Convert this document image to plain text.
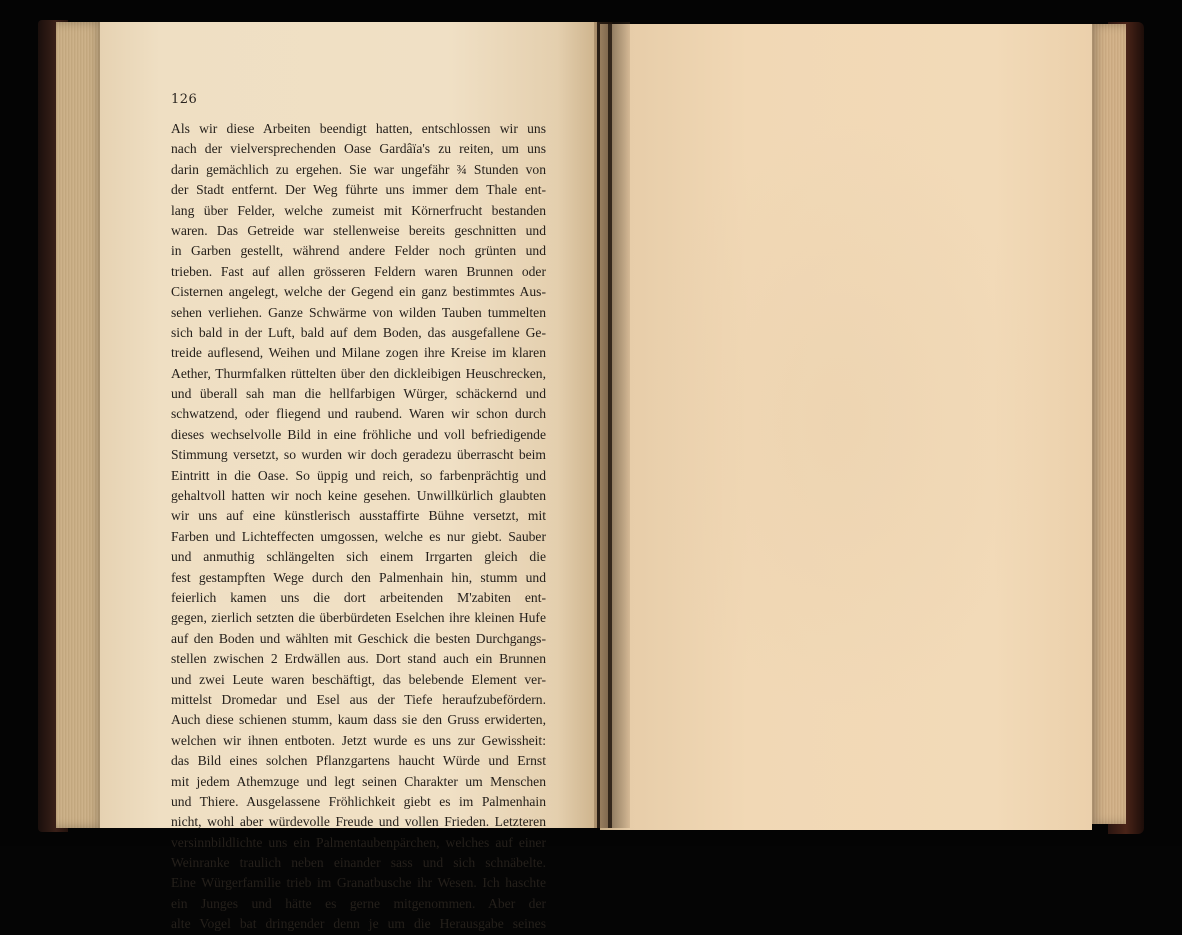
126
Als wir diese Arbeiten beendigt hatten, entschlossen wir uns
nach der vielversprechenden Oase Gardâïa's zu reiten, um uns
darin gemächlich zu ergehen. Sie war ungefähr ¾ Stunden von
der Stadt entfernt. Der Weg führte uns immer dem Thale ent-
lang über Felder, welche zumeist mit Körnerfrucht bestanden
waren. Das Getreide war stellenweise bereits geschnitten und
in Garben gestellt, während andere Felder noch grünten und
trieben. Fast auf allen grösseren Feldern waren Brunnen oder
Cisternen angelegt, welche der Gegend ein ganz bestimmtes Aus-
sehen verliehen. Ganze Schwärme von wilden Tauben tummelten
sich bald in der Luft, bald auf dem Boden, das ausgefallene Ge-
treide auflesend, Weihen und Milane zogen ihre Kreise im klaren
Aether, Thurmfalken rüttelten über den dickleibigen Heuschrecken,
und überall sah man die hellfarbigen Würger, schäckernd und
schwatzend, oder fliegend und raubend. Waren wir schon durch
dieses wechselvolle Bild in eine fröhliche und voll befriedigende
Stimmung versetzt, so wurden wir doch geradezu überrascht beim
Eintritt in die Oase. So üppig und reich, so farbenprächtig und
gehaltvoll hatten wir noch keine gesehen. Unwillkürlich glaubten
wir uns auf eine künstlerisch ausstaffirte Bühne versetzt, mit
Farben und Lichteffecten umgossen, welche es nur giebt. Sauber
und anmuthig schlängelten sich einem Irrgarten gleich die
fest gestampften Wege durch den Palmenhain hin, stumm und
feierlich kamen uns die dort arbeitenden M'zabiten ent-
gegen, zierlich setzten die überbürdeten Eselchen ihre kleinen Hufe
auf den Boden und wählten mit Geschick die besten Durchgangs-
stellen zwischen 2 Erdwällen aus. Dort stand auch ein Brunnen
und zwei Leute waren beschäftigt, das belebende Element ver-
mittelst Dromedar und Esel aus der Tiefe heraufzubefördern.
Auch diese schienen stumm, kaum dass sie den Gruss erwiderten,
welchen wir ihnen entboten. Jetzt wurde es uns zur Gewissheit:
das Bild eines solchen Pflanzgartens haucht Würde und Ernst
mit jedem Athemzuge und legt seinen Charakter um Menschen
und Thiere. Ausgelassene Fröhlichkeit giebt es im Palmenhain
nicht, wohl aber würdevolle Freude und vollen Frieden. Letzteren
versinnbildlichte uns ein Palmentaubenpärchen, welches auf einer
Weinranke traulich neben einander sass und sich schnäbelte.
Eine Würgerfamilie trieb im Granatbusche ihr Wesen. Ich haschte
ein Junges und hätte es gerne mitgenommen. Aber der
alte Vogel bat dringender denn je um die Herausgabe seines
